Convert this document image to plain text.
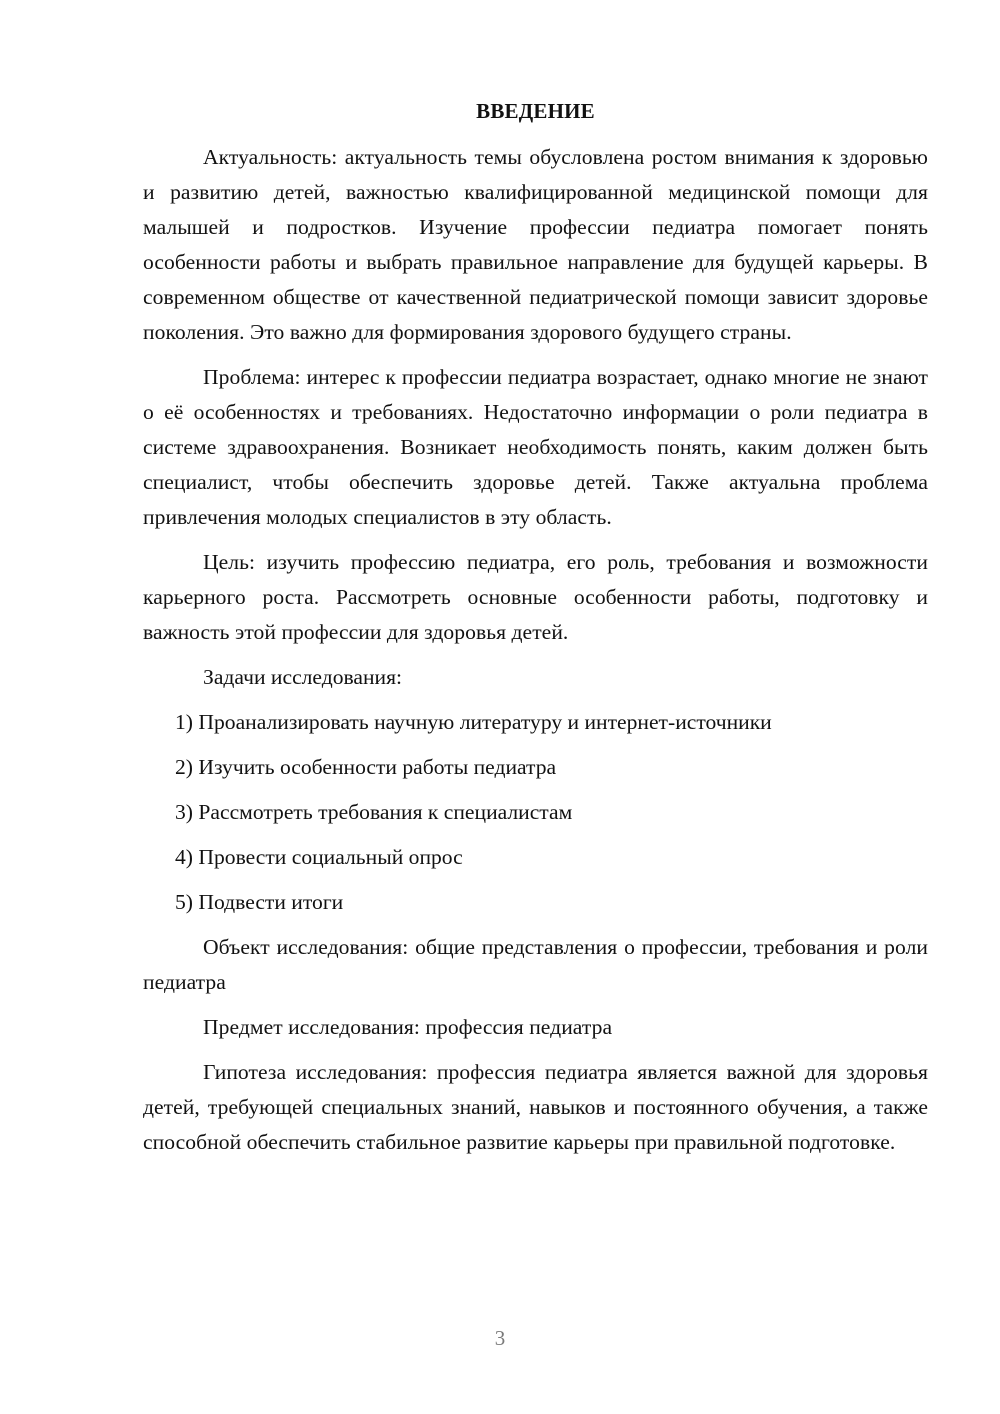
ВВЕДЕНИЕ

Актуальность: актуальность темы обусловлена ростом внимания к здоровью и развитию детей, важностью квалифицированной медицинской помощи для малышей и подростков. Изучение профессии педиатра помогает понять особенности работы и выбрать правильное направление для будущей карьеры. В современном обществе от качественной педиатрической помощи зависит здоровье поколения. Это важно для формирования здорового будущего страны.

Проблема: интерес к профессии педиатра возрастает, однако многие не знают о её особенностях и требованиях. Недостаточно информации о роли педиатра в системе здравоохранения. Возникает необходимость понять, каким должен быть специалист, чтобы обеспечить здоровье детей. Также актуальна проблема привлечения молодых специалистов в эту область.

Цель: изучить профессию педиатра, его роль, требования и возможности карьерного роста. Рассмотреть основные особенности работы, подготовку и важность этой профессии для здоровья детей.

Задачи исследования:

1) Проанализировать научную литературу и интернет-источники
2) Изучить особенности работы педиатра
3) Рассмотреть требования к специалистам
4) Провести социальный опрос
5) Подвести итоги

Объект исследования: общие представления о профессии, требования и роли педиатра

Предмет исследования: профессия педиатра

Гипотеза исследования: профессия педиатра является важной для здоровья детей, требующей специальных знаний, навыков и постоянного обучения, а также способной обеспечить стабильное развитие карьеры при правильной подготовке.

3
